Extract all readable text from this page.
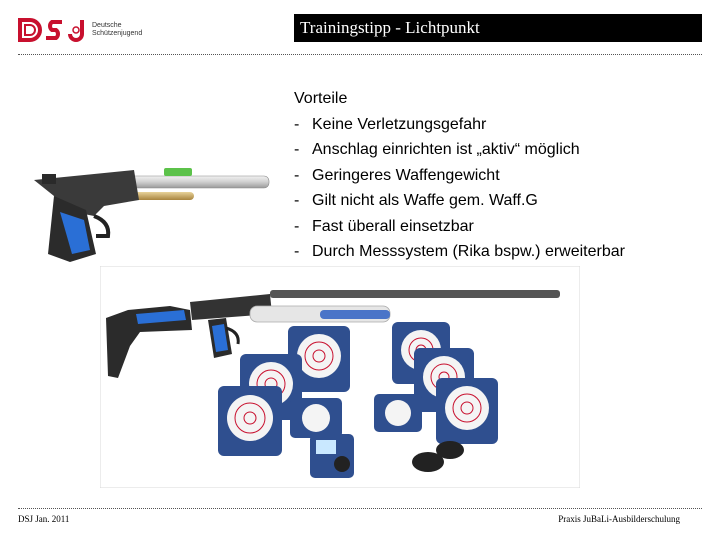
Deutsche
Schützenjugend	Trainingstipp - Lichtpunkt
Vorteile
- Keine Verletzungsgefahr
- Anschlag einrichten ist „aktiv“ möglich
- Geringeres Waffengewicht
- Gilt nicht als Waffe gem. Waff.G
- Fast überall einsetzbar
- Durch Messsystem (Rika bspw.) erweiterbar
DSJ Jan. 2011	Praxis JuBaLi-Ausbilderschulung
